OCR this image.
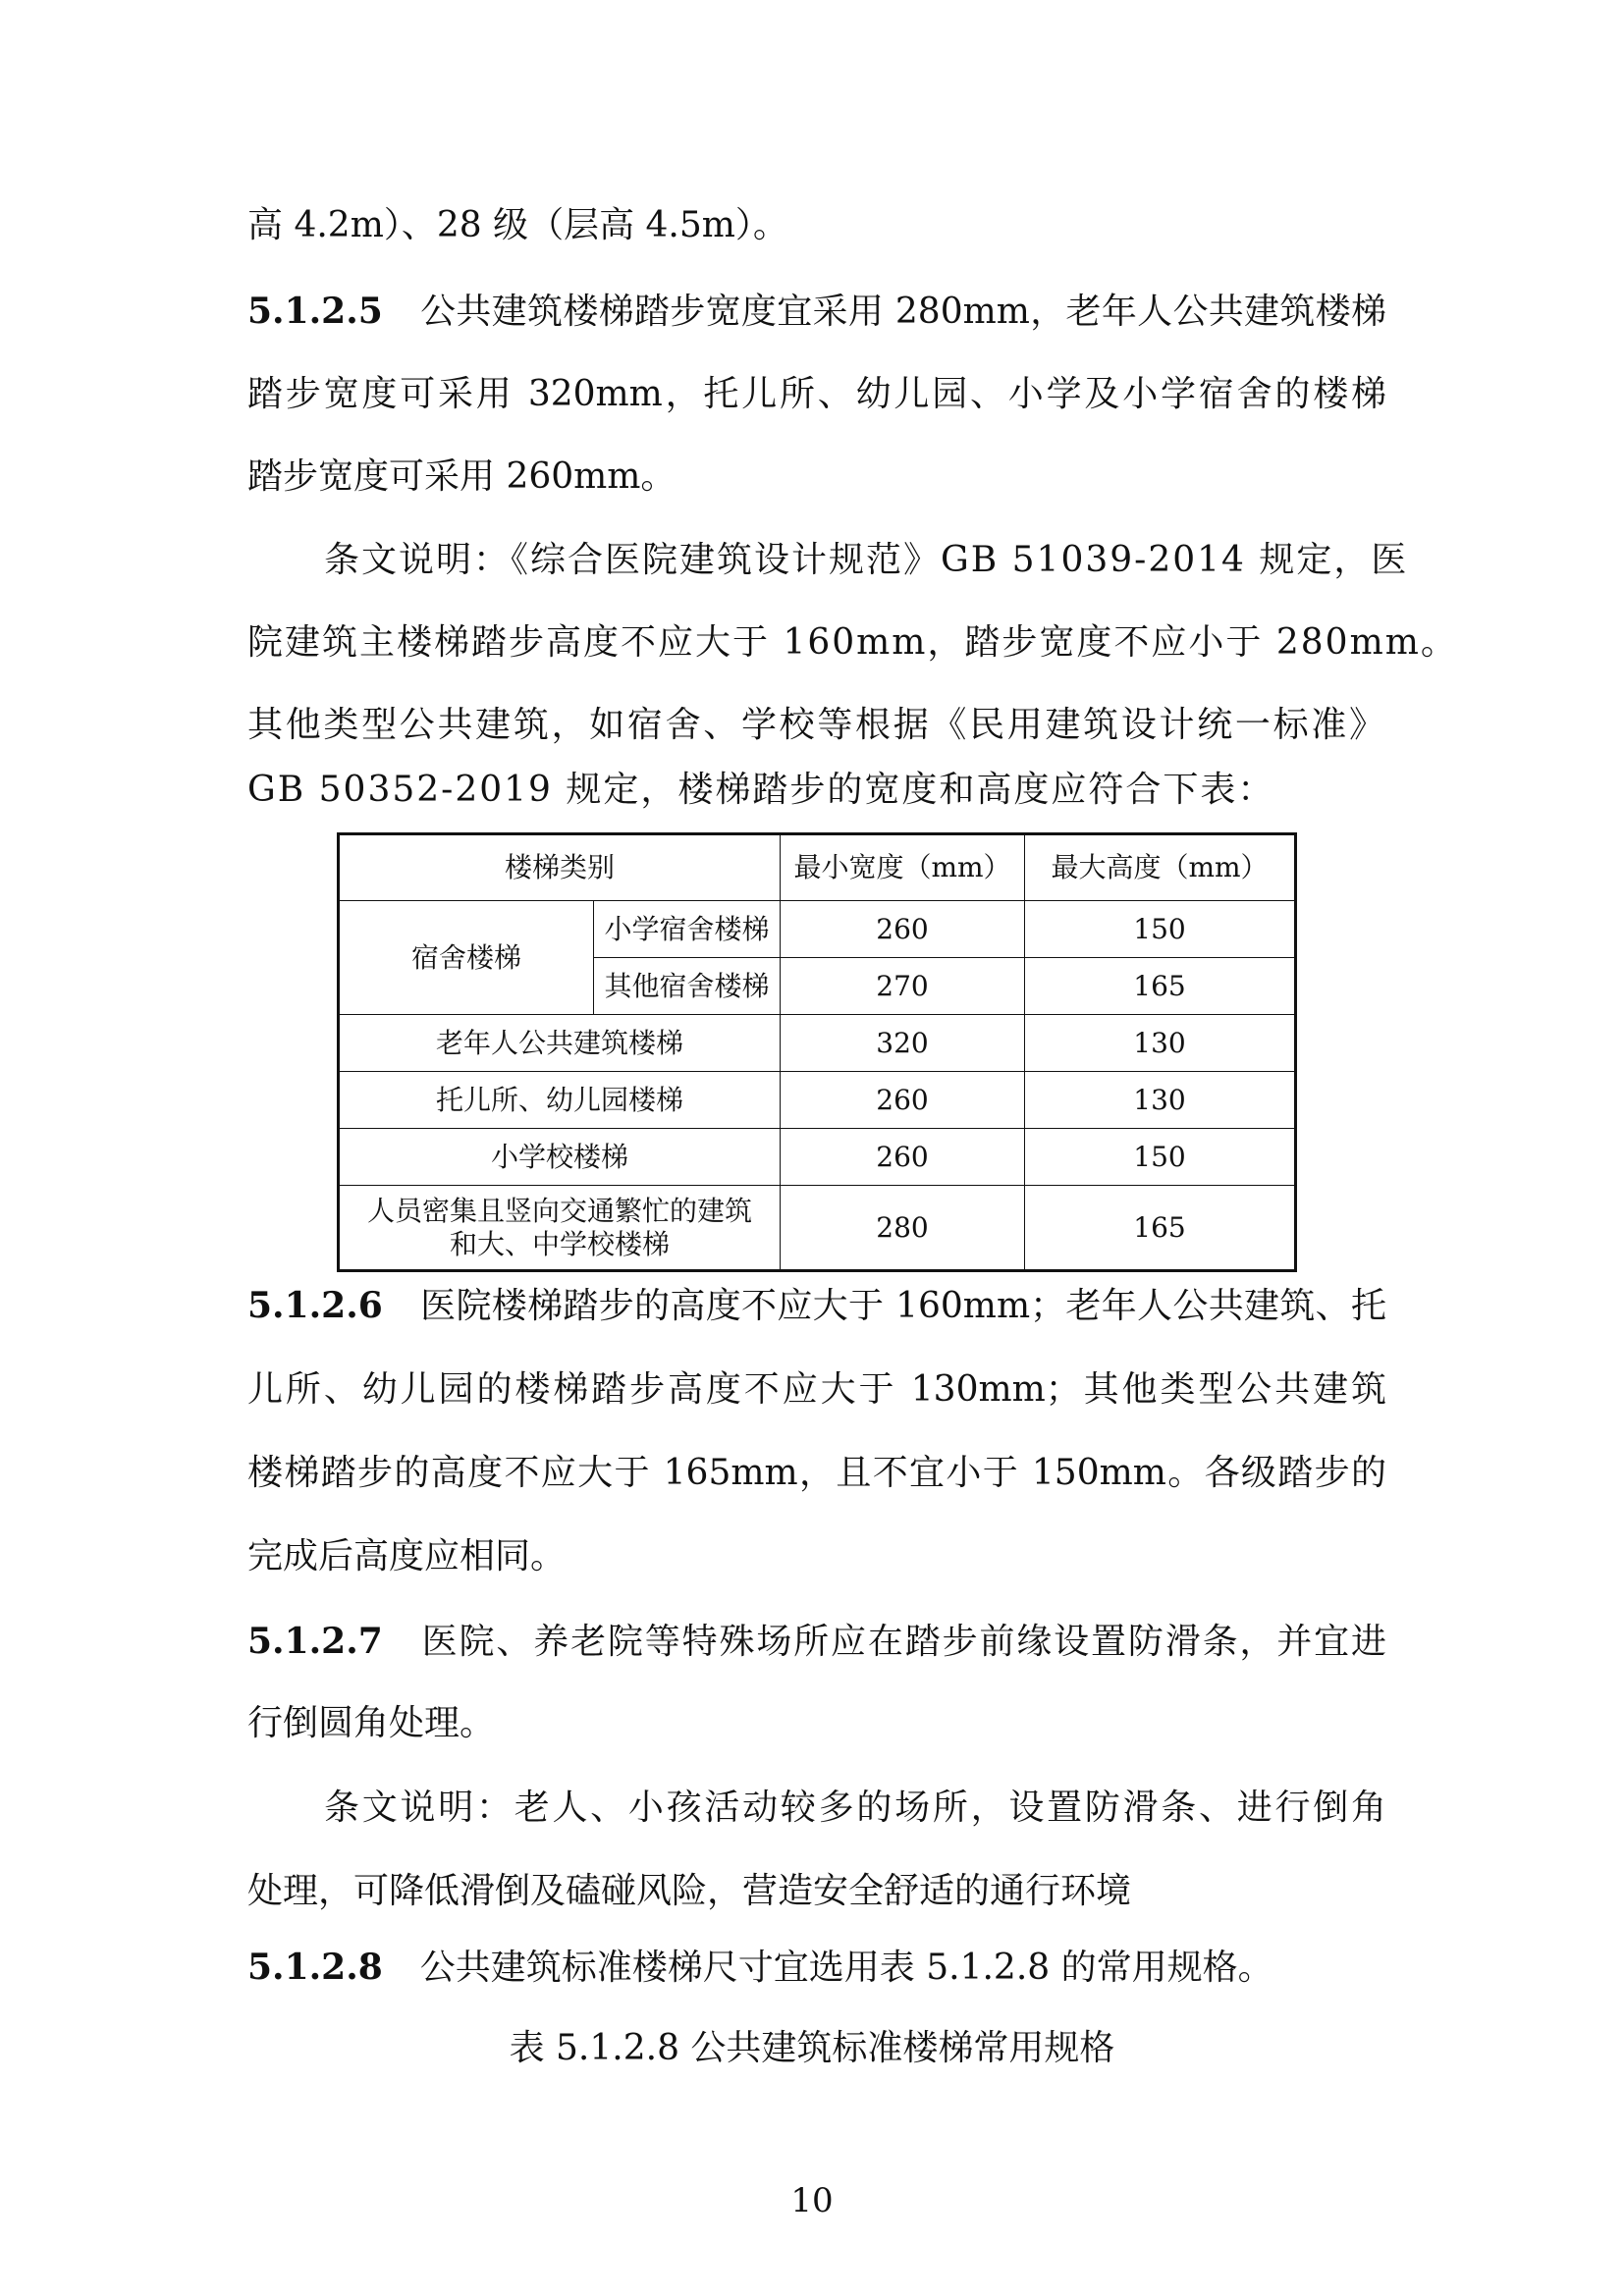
高 4.2m）、28 级（层高 4.5m）。
5.1.2.5 公共建筑楼梯踏步宽度宜采用 280mm，老年人公共建筑楼梯
踏步宽度可采用 320mm，托儿所、幼儿园、小学及小学宿舍的楼梯
踏步宽度可采用 260mm。
条文说明：《综合医院建筑设计规范》GB 51039-2014 规定，医
院建筑主楼梯踏步高度不应大于 160mm，踏步宽度不应小于 280mm。
其他类型公共建筑，如宿舍、学校等根据《民用建筑设计统一标准》
GB 50352-2019 规定，楼梯踏步的宽度和高度应符合下表：
楼梯类别		最小宽度（mm）	最大高度（mm）
宿舍楼梯	小学宿舍楼梯	260	150
	其他宿舍楼梯	270	165
老年人公共建筑楼梯		320	130
托儿所、幼儿园楼梯		260	130
小学校楼梯		260	150
人员密集且竖向交通繁忙的建筑
和大、中学校楼梯		280	165
5.1.2.6 医院楼梯踏步的高度不应大于 160mm；老年人公共建筑、托
儿所、幼儿园的楼梯踏步高度不应大于 130mm；其他类型公共建筑
楼梯踏步的高度不应大于 165mm，且不宜小于 150mm。各级踏步的
完成后高度应相同。
5.1.2.7 医院、养老院等特殊场所应在踏步前缘设置防滑条，并宜进
行倒圆角处理。
条文说明：老人、小孩活动较多的场所，设置防滑条、进行倒角
处理，可降低滑倒及磕碰风险，营造安全舒适的通行环境
5.1.2.8 公共建筑标准楼梯尺寸宜选用表 5.1.2.8 的常用规格。
表 5.1.2.8 公共建筑标准楼梯常用规格
10
